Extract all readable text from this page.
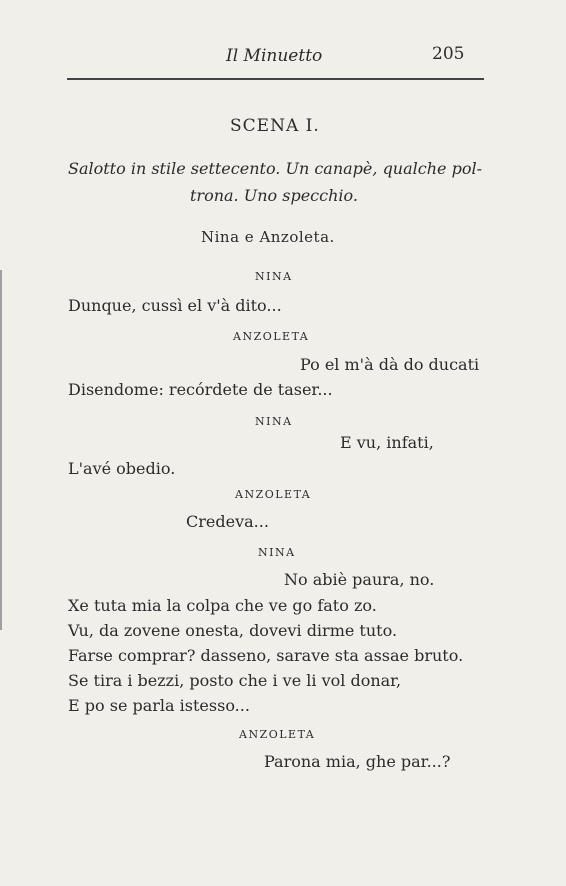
Il Minuetto	205
SCENA I.
Salotto in stile settecento. Un canapè, qualche pol-
trona. Uno specchio.
Nina e Anzoleta.
NINA
Dunque, cussì el v'à dito...
ANZOLETA
Po el m'à dà do ducati
Disendome: recórdete de taser...
NINA
E vu, infati,
L'avé obedio.
ANZOLETA
Credeva...
NINA
No abiè paura, no.
Xe tuta mia la colpa che ve go fato zo.
Vu, da zovene onesta, dovevi dirme tuto.
Farse comprar? dasseno, sarave sta assae bruto.
Se tira i bezzi, posto che i ve li vol donar,
E po se parla istesso...
ANZOLETA
Parona mia, ghe par...?
